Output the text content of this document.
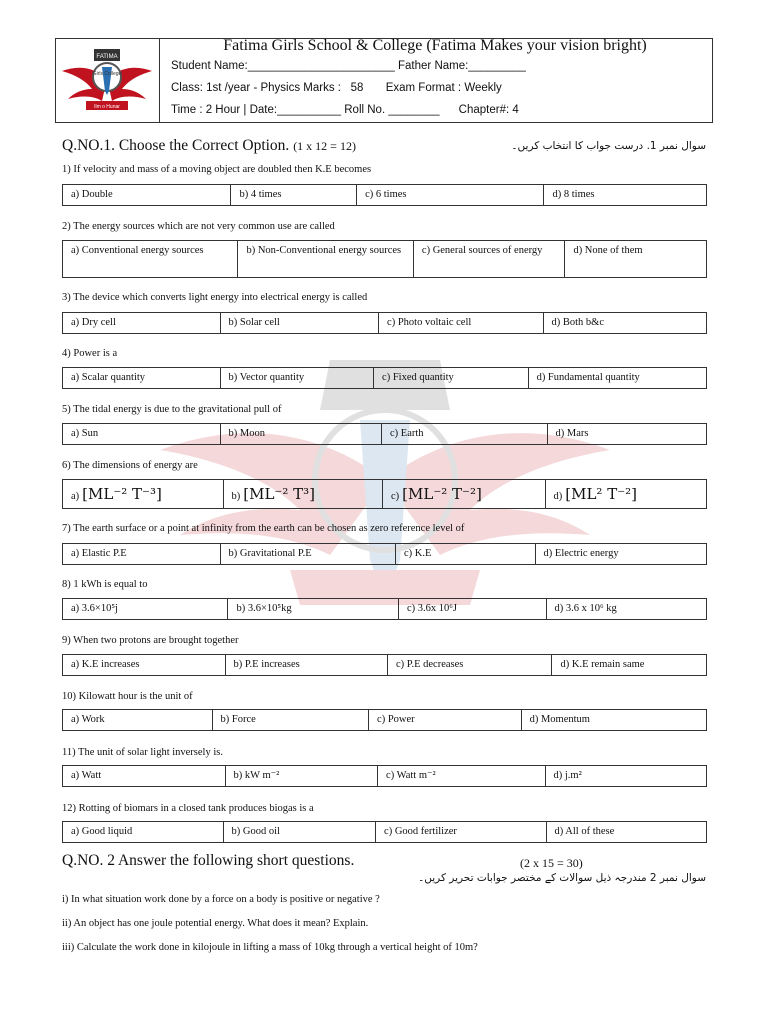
FATIMA
Girls College
Ilm o Hunar
Fatima Girls School & College (Fatima Makes your vision bright)
Student Name:_______________________ Father Name:_________
Class: 1st /year - Physics Marks :   58       Exam Format : Weekly
Time : 2 Hour | Date:__________ Roll No. ________      Chapter#: 4
Q.NO.1. Choose the Correct Option. (1 x 12 = 12)	سوال نمبر 1. درست جواب کا انتخاب کریں۔
1) If velocity and mass of a moving object are doubled then K.E becomes
a) Double	b) 4 times	c) 6 times	d) 8 times
2) The energy sources which are not very common use are called
a) Conventional energy sources	b) Non-Conventional energy sources	c) General sources of energy	d) None of them
3) The device which converts light energy into electrical energy is called
a) Dry cell	b) Solar cell	c) Photo voltaic cell	d) Both b&c
4) Power is a
a) Scalar quantity	b) Vector quantity	c) Fixed quantity	d) Fundamental quantity
5) The tidal energy is due to the gravitational pull of
a) Sun	b) Moon	c) Earth	d) Mars
6) The dimensions of energy are
a) [ML⁻² T⁻³]	b) [ML⁻² T³]	c) [ML⁻² T⁻²]	d) [ML² T⁻²]
7) The earth surface or a point at infinity from the earth can be chosen as zero reference level of
a) Elastic P.E	b) Gravitational P.E	c) K.E	d) Electric energy
8) 1 kWh is equal to
a) 3.6×10⁵j	b) 3.6×10⁵kg	c) 3.6x 10⁶J	d) 3.6 x 10⁶ kg
9) When two protons are brought together
a) K.E increases	b) P.E increases	c) P.E decreases	d) K.E remain same
10) Kilowatt hour is the unit of
a) Work	b) Force	c) Power	d) Momentum
11) The unit of solar light inversely is.
a) Watt	b) kW m⁻²	c) Watt m⁻²	d) j.m²
12) Rotting of biomars in a closed tank produces biogas is a
a) Good liquid	b) Good oil	c) Good fertilizer	d) All of these
Q.NO. 2 Answer the following short questions.	(2 x 15 = 30)
سوال نمبر 2 مندرجہ ذیل سوالات کے مختصر جوابات تحریر کریں۔
i) In what situation work done by a force on a body is positive or negative ?
ii) An object has one joule potential energy. What does it mean? Explain.
iii) Calculate the work done in kilojoule in lifting a mass of 10kg through a vertical height of 10m?
